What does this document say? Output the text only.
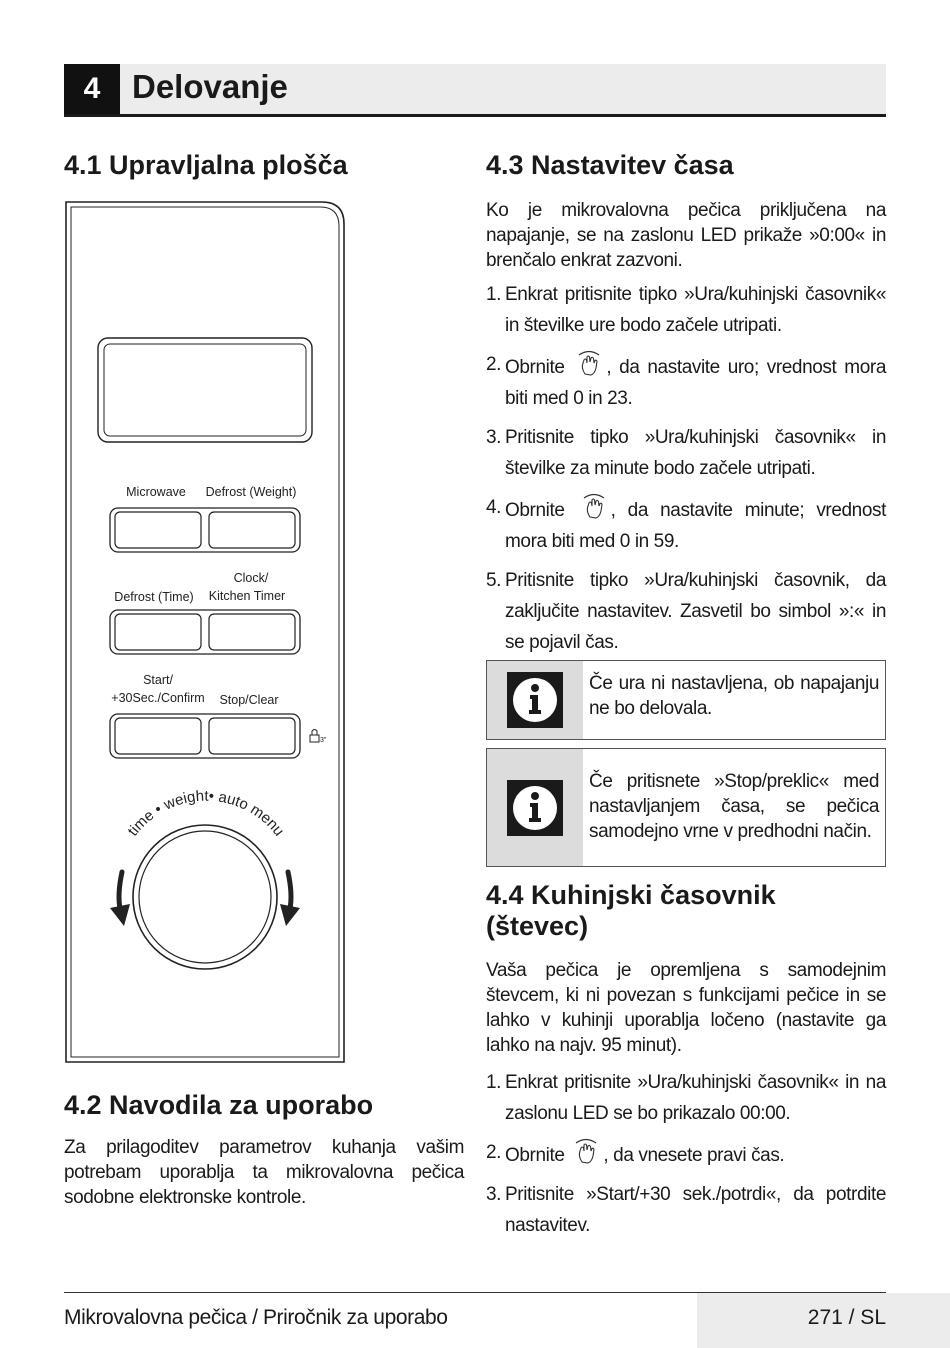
4 Delovanje
4.1 Upravljalna plošča
Microwave Defrost (Weight)
Clock/
Defrost (Time) Kitchen Timer
Start/
+30Sec./Confirm Stop/Clear
3"
time • weight• auto menu
4.2 Navodila za uporabo

Za prilagoditev parametrov kuhanja vašim potrebam uporablja ta mikrovalovna pečica sodobne elektronske kontrole.

4.3 Nastavitev časa

Ko je mikrovalovna pečica priključena na napajanje, se na zaslonu LED prikaže »0:00« in brenčalo enkrat zazvoni.

1. Enkrat pritisnite tipko »Ura/kuhinjski časovnik« in številke ure bodo začele utripati.
2. Obrnite , da nastavite uro; vrednost mora biti med 0 in 23.
3. Pritisnite tipko »Ura/kuhinjski časovnik« in številke za minute bodo začele utripati.
4. Obrnite , da nastavite minute; vrednost mora biti med 0 in 59.
5. Pritisnite tipko »Ura/kuhinjski časovnik, da zaključite nastavitev. Zasvetil bo simbol »:« in se pojavil čas.
Če ura ni nastavljena, ob napajanju ne bo delovala.
Če pritisnete »Stop/preklic« med nastavljanjem časa, se pečica samodejno vrne v predhodni način.
4.4 Kuhinjski časovnik
(števec)

Vaša pečica je opremljena s samodejnim števcem, ki ni povezan s funkcijami pečice in se lahko v kuhinji uporablja ločeno (nastavite ga lahko na najv. 95 minut).

1. Enkrat pritisnite »Ura/kuhinjski časovnik« in na zaslonu LED se bo prikazalo 00:00.
2. Obrnite , da vnesete pravi čas.
3. Pritisnite »Start/+30 sek./potrdi«, da potrdite nastavitev.
Mikrovalovna pečica / Priročnik za uporabo	271 / SL
